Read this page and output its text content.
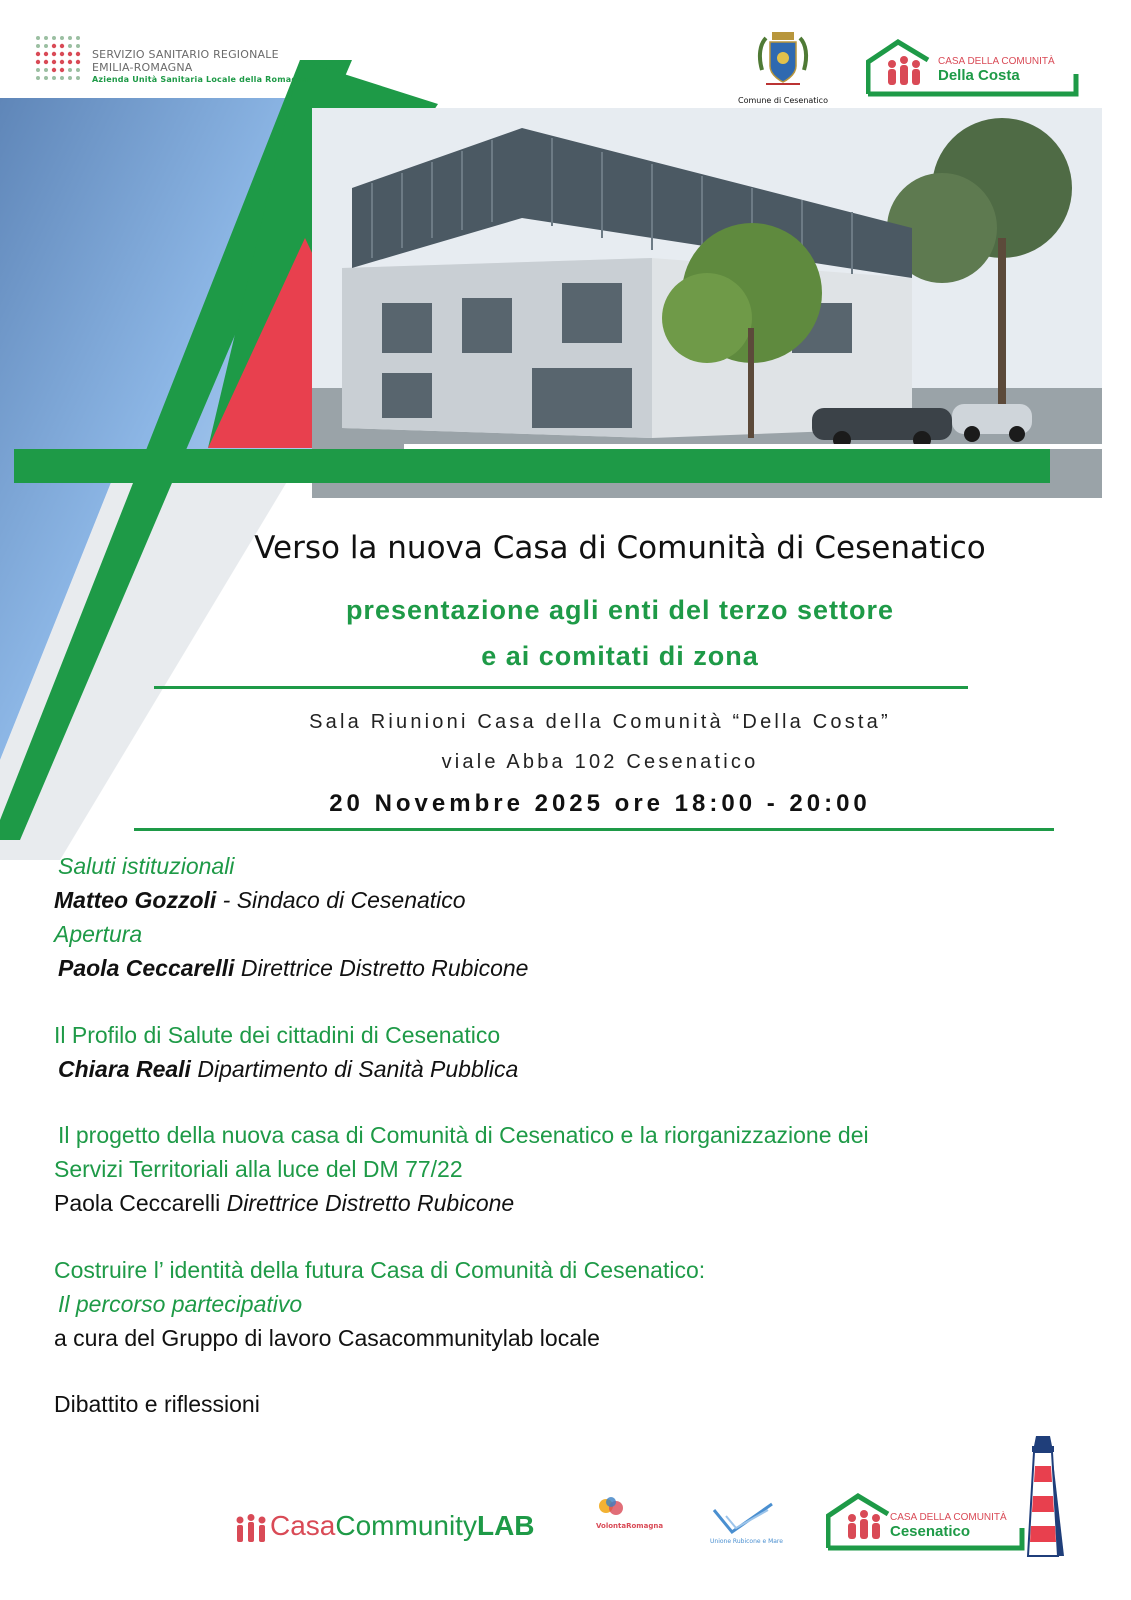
SERVIZIO SANITARIO REGIONALE
EMILIA-ROMAGNA
Azienda Unità Sanitaria Locale della Romagna
Comune di Cesenatico
CASA DELLA COMUNITÀ
Della Costa
Verso la nuova Casa di Comunità di Cesenatico
presentazione agli enti del terzo settore
e ai comitati di zona
Sala Riunioni Casa della Comunità “Della Costa”
viale Abba 102 Cesenatico
20 Novembre 2025 ore 18:00 - 20:00
Saluti istituzionali
Matteo Gozzoli - Sindaco di Cesenatico
Apertura
Paola Ceccarelli Direttrice Distretto Rubicone
Il Profilo di Salute dei cittadini di Cesenatico
Chiara Reali Dipartimento di Sanità Pubblica
Il progetto della nuova casa di Comunità di Cesenatico e la riorganizzazione dei
Servizi Territoriali alla luce del DM 77/22
Paola Ceccarelli Direttrice Distretto Rubicone
Costruire l’ identità della futura Casa di Comunità di Cesenatico:
Il percorso partecipativo
a cura del Gruppo di lavoro Casacommunitylab locale
Dibattito e riflessioni
CasaCommunityLAB	VolontaRomagna
Unione Rubicone e Mare
CASA DELLA COMUNITÀ
Cesenatico
